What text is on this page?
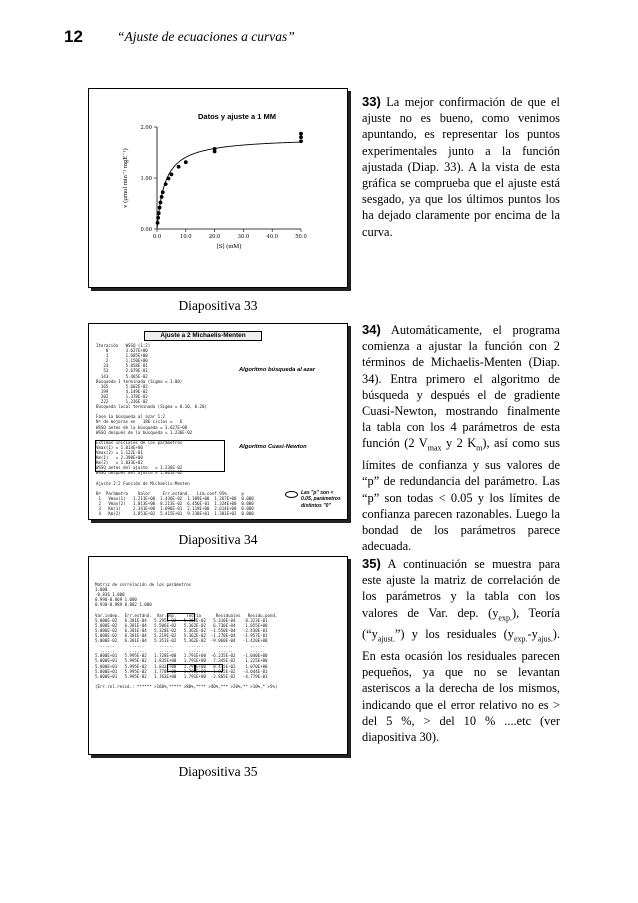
12	“Ajuste de ecuaciones a curvas”
Datos y ajuste a 1 MM
0.0	10.0	20.0	30.0	40.0	50.0
0.00
1.00
2.00
[S] (mM)
v (µmol min⁻¹ mgE⁻¹)
Diapositiva 33
Ajuste a 2 Michaelis-Menten
Iteración   WSSQ (1:2)
0       3.627E+00
1       1.685E+00
2       1.150E+00
23       5.058E-01
53       2.679E-01
143       5.465E-02
Búsqueda 1 terminada (Sigma = 1.00)
165       5.602E-02
199       4.149E-02
202       1.378E-02
222       1.236E-02
Búsqueda local terminada (Sigma = 0.10, 0.20)

Fase 1a búsqueda al azar 1:2
Nº de mejoras en   186 ciclos =   6
WSSQ antes de la búsqueda = 3.627E+00
WSSQ después de la búsqueda = 1.236E-02

Estimas iniciales de los parámetros
Vmax(1) = 1.014E+00
Vmax(2) = 1.122E-01
Km(1)   = 2.390E+00
Km(2)   = 1.033E+02
WSSQ antes del ajuste   = 1.236E-02
WSSQ después del ajuste = 1.061E-02

Ajuste 2:2 Función de Michaelis-Menten

Nº  Parámetro    Valor     Err.estánd.   Lím.conf.95%.     p
1   Vmax(1)   1.211E+00  1.436E-02  1.189E+00  1.267E+00  0.000
2   Vmax(2)   1.013E+00  8.213E-02  6.456E-01  1.324E+00  0.000
3   Km(1)     2.341E+00  1.096E-01  2.119E+00  2.614E+00  0.000
4   Km(2)     1.851E+02  5.415E+01  9.230E+01  1.381E+02  0.000
Algoritmo búsqueda al azar
Algoritmo Cuasi-Newton
Las "p" son < 0.05, parámetros distintos "0"
Diapositiva 34
Matriz de correlación de los parámetros
1.000
-0.836 1.000
0.990-0.869 1.000
0.930-0.989 0.882 1.000

Var.indep.  Err.estánd.  Var.dep.    Teoría      Residuales   Residu.pond.
5.000E-02   6.381E-04   5.295E-02   5.362E-02   5.310E-04    8.323E-01
5.000E-02   6.381E-04   5.506E-02   5.362E-02   6.730E-04    1.055E+00
5.000E-02   6.381E-04   5.320E-02   5.362E-02  -1.550E-04   -2.430E-01
5.000E-02   6.381E-04   5.219E-02   5.362E-02  -1.270E-04   -1.957E-01
5.000E-02   6.381E-04   5.351E-02   5.362E-02  -9.060E-04   -1.420E+00
......      ......      ......      ......      ......       ......
......      ......      ......      ......      ......       ......
5.000E+01   5.995E-02   1.728E+00   1.791E+00  -6.235E-02   -1.040E+00
5.000E+01   5.995E-02   1.835E+00   1.791E+00   7.345E-02    1.225E+00
5.000E+01   5.995E-02   1.832E+00   1.791E+00   8.415E-02    1.070E+00
5.000E+01   5.995E-02   1.770E+00   1.791E+00  -1.825E-02   -3.044E-01
5.000E+01   5.995E-02   1.763E+00   1.791E+00  -2.865E-02   -4.779E-01

(Err.rel.resid.: ****** >160%,***** >80%,**** >40%,*** >20%,** >10%,* >5%)
Diapositiva 35
33) La mejor confirmación de que el ajuste no es bueno, como venimos apuntando, es representar los puntos experimentales junto a la función ajustada (Diap. 33). A la vista de esta gráfica se comprueba que el ajuste está sesgado, ya que los últimos puntos los ha dejado claramente por encima de la curva.
34) Automáticamente, el programa comienza a ajustar la función con 2 términos de Michaelis-Menten (Diap. 34). Entra primero el algoritmo de búsqueda y después el de gradiente Cuasi-Newton, mostrando finalmente la tabla con los 4 parámetros de esta función (2 $V_{max}$ y 2 $K_m$), así como sus límites de confianza y sus valores de “p” de redundancia del parámetro. Las “p” son todas < 0.05 y los límites de confianza parecen razonables. Luego la bondad de los parámetros parece adecuada.
35) A continuación se muestra para este ajuste la matriz de correlación de los parámetros y la tabla con los valores de Var. dep. $(y_{exp.})$, Teoría $(“y_{ajust.}”)$ y los residuales $(y_{exp.}-y_{ajus.})$. En esta ocasión los residuales parecen pequeños, ya que no se levantan asteriscos a la derecha de los mismos, indicando que el error relativo no es > del 5 %, > del 10 % ....etc (ver diapositiva 30).
